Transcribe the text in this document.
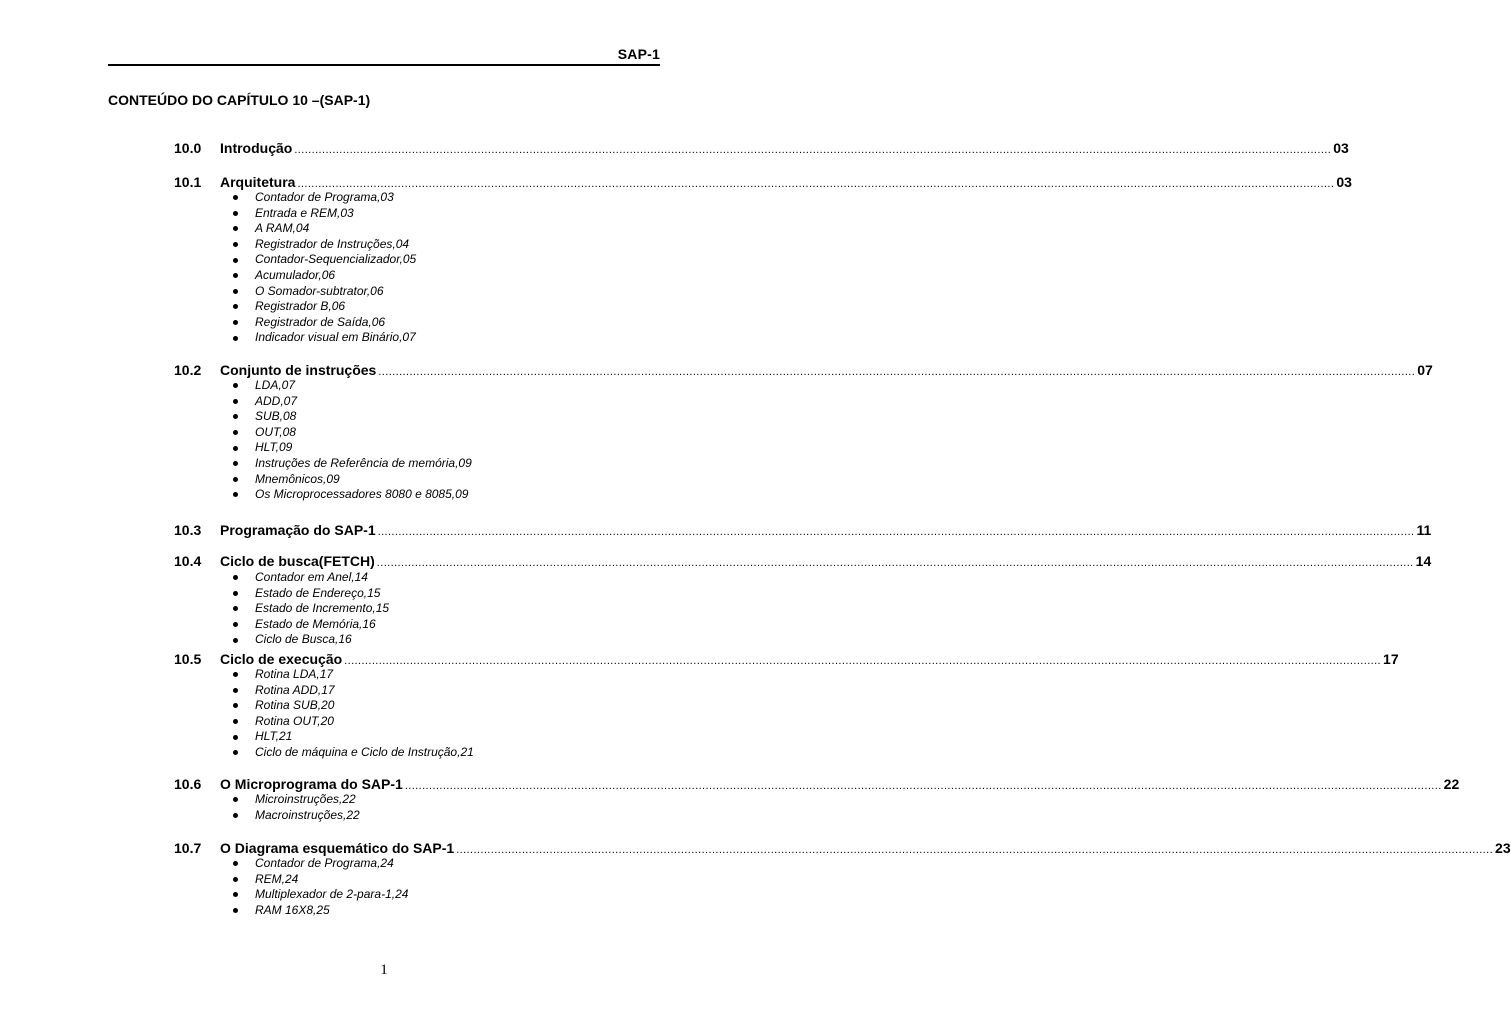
SAP-1
CONTEÚDO DO CAPÍTULO 10 –(SAP-1)
10.0	Introdução ............................................................................................................................................................................................................................................................................................................ 03
10.1	Arquitetura ............................................................................................................................................................................................................................................................................................................ 03
Contador de Programa,03
Entrada e REM,03
A RAM,04
Registrador de Instruções,04
Contador-Sequencializador,05
Acumulador,06
O Somador-subtrator,06
Registrador B,06
Registrador de Saída,06
Indicador visual em Binário,07
10.2	Conjunto de instruções ............................................................................................................................................................................................................................................................................................................ 07
LDA,07
ADD,07
SUB,08
OUT,08
HLT,09
Instruções de Referência de memória,09
Mnemônicos,09
Os Microprocessadores 8080 e 8085,09
10.3	Programação do SAP-1 ............................................................................................................................................................................................................................................................................................................ 11
10.4	Ciclo de busca(FETCH) ............................................................................................................................................................................................................................................................................................................ 14
Contador em Anel,14
Estado de Endereço,15
Estado de Incremento,15
Estado de Memória,16
Ciclo de Busca,16
10.5	Ciclo de execução ............................................................................................................................................................................................................................................................................................................ 17
Rotina LDA,17
Rotina ADD,17
Rotina SUB,20
Rotina OUT,20
HLT,21
Ciclo de máquina e Ciclo de Instrução,21
10.6	O Microprograma do SAP-1 ............................................................................................................................................................................................................................................................................................................ 22
Microinstruções,22
Macroinstruções,22
10.7	O Diagrama esquemático do SAP-1 ............................................................................................................................................................................................................................................................................................................ 23
Contador de Programa,24
REM,24
Multiplexador de 2-para-1,24
RAM 16X8,25
1
